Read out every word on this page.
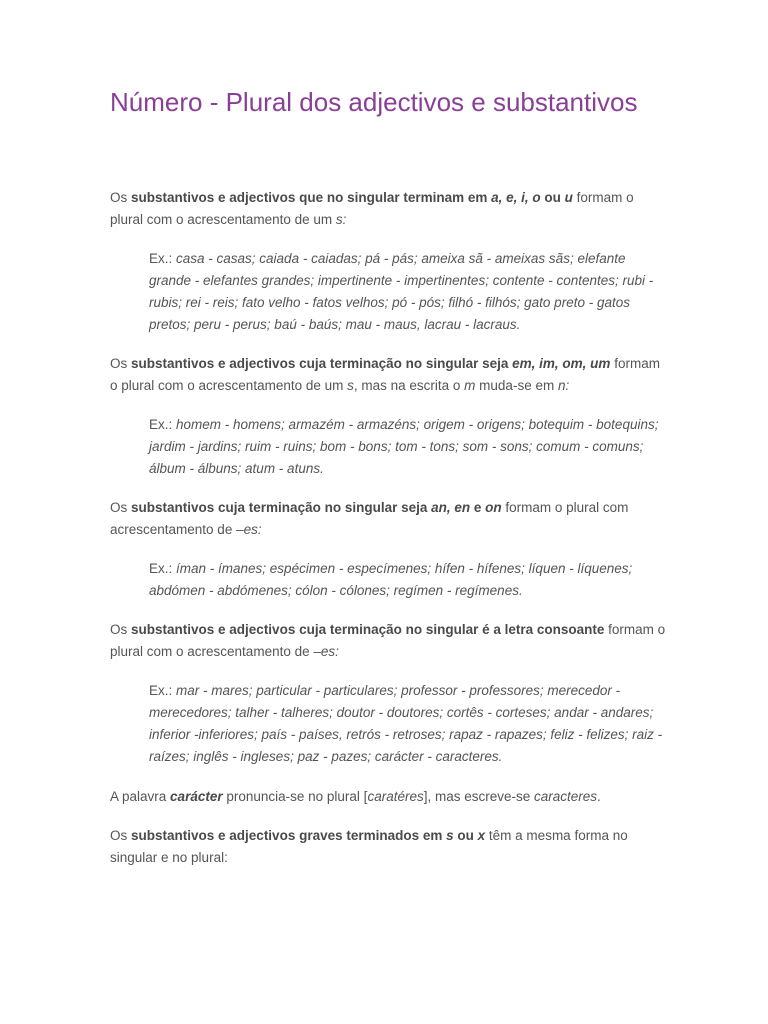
Número - Plural dos adjectivos e substantivos

Os substantivos e adjectivos que no singular terminam em a, e, i, o ou u formam o plural com o acrescentamento de um s:

Ex.: casa - casas; caiada - caiadas; pá - pás; ameixa sã - ameixas sãs; elefante grande - elefantes grandes; impertinente - impertinentes; contente - contentes; rubi - rubis; rei - reis; fato velho - fatos velhos; pó - pós; filhó - filhós; gato preto - gatos pretos; peru - perus; baú - baús; mau - maus, lacrau - lacraus.

Os substantivos e adjectivos cuja terminação no singular seja em, im, om, um formam o plural com o acrescentamento de um s, mas na escrita o m muda-se em n:

Ex.: homem - homens; armazém - armazéns; origem - origens; botequim - botequins; jardim - jardins; ruim - ruins; bom - bons; tom - tons; som - sons; comum - comuns; álbum - álbuns; atum - atuns.

Os substantivos cuja terminação no singular seja an, en e on formam o plural com acrescentamento de –es:

Ex.: íman - ímanes; espécimen - especímenes; hífen - hífenes; líquen - líquenes; abdómen - abdómenes; cólon - cólones; regímen - regímenes.

Os substantivos e adjectivos cuja terminação no singular é a letra consoante formam o plural com o acrescentamento de –es:

Ex.: mar - mares; particular - particulares; professor - professores; merecedor - merecedores; talher - talheres; doutor - doutores; cortês - corteses; andar - andares; inferior -inferiores; país - países, retrós - retroses; rapaz - rapazes; feliz - felizes; raiz - raízes; inglês - ingleses; paz - pazes; carácter - caracteres.

A palavra carácter pronuncia-se no plural [caratéres], mas escreve-se caracteres.

Os substantivos e adjectivos graves terminados em s ou x têm a mesma forma no singular e no plural:
